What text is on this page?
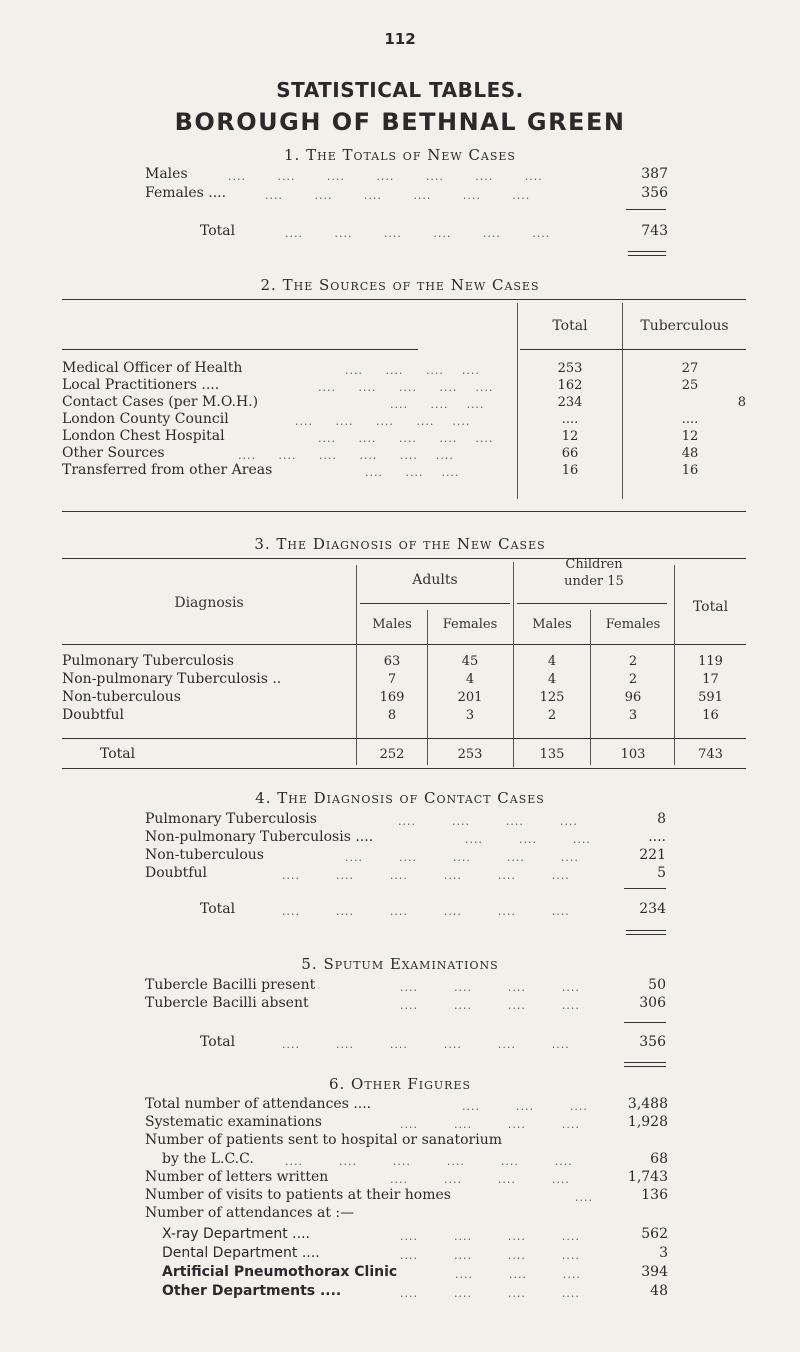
112
STATISTICAL TABLES.
BOROUGH OF BETHNAL GREEN
1. The Totals of New Cases
Males	....       ....       ....       ....       ....       ....       ....	387
Females ....	....       ....       ....       ....       ....       ....	356
Total	....       ....       ....       ....       ....       ....	743
2. The Sources of the New Cases
Total	Tuberculous
Medical Officer of Health	....     ....     ....    ....	253	27
Local Practitioners ....	....     ....     ....     ....    ....	162	25
Contact Cases (per M.O.H.)	....     ....    ....	234	8
London County Council	....     ....     ....     ....    ....	....	....
London Chest Hospital	....     ....     ....     ....    ....	12	12
Other Sources	....     ....     ....     ....     ....    ....	66	48
Transferred from other Areas	....     ....    ....	16	16
3. The Diagnosis of the New Cases
Diagnosis
Adults
Children
under 15
Total
Males	Females	Males	Females
Pulmonary Tuberculosis	63	45	4	2	119
Non-pulmonary Tuberculosis ..	7	4	4	2	17
Non-tuberculous	169	201	125	96	591
Doubtful	8	3	2	3	16
Total	252	253	135	103	743
4. The Diagnosis of Contact Cases
Pulmonary Tuberculosis	....        ....        ....        ....	8
Non-pulmonary Tuberculosis ....	....        ....        ....	....
Non-tuberculous	....        ....        ....        ....        ....	221
Doubtful	....        ....        ....        ....        ....        ....	5
Total	....        ....        ....        ....        ....        ....	234
5. Sputum Examinations
Tubercle Bacilli present	....        ....        ....        ....	50
Tubercle Bacilli absent	....        ....        ....        ....	306
Total	....        ....        ....        ....        ....        ....	356
6. Other Figures
Total number of attendances ....	....        ....        ....	3,488
Systematic examinations	....        ....        ....        ....	1,928
Number of patients sent to hospital or sanatorium
by the L.C.C.	....        ....        ....        ....        ....        ....	68
Number of letters written	....        ....        ....        ....	1,743
Number of visits to patients at their homes	....	136
Number of attendances at :—
X-ray Department ....	....        ....        ....        ....	562
Dental Department ....	....        ....        ....        ....	3
Artificial Pneumothorax Clinic	....        ....        ....	394
Other Departments ....	....        ....        ....        ....	48
